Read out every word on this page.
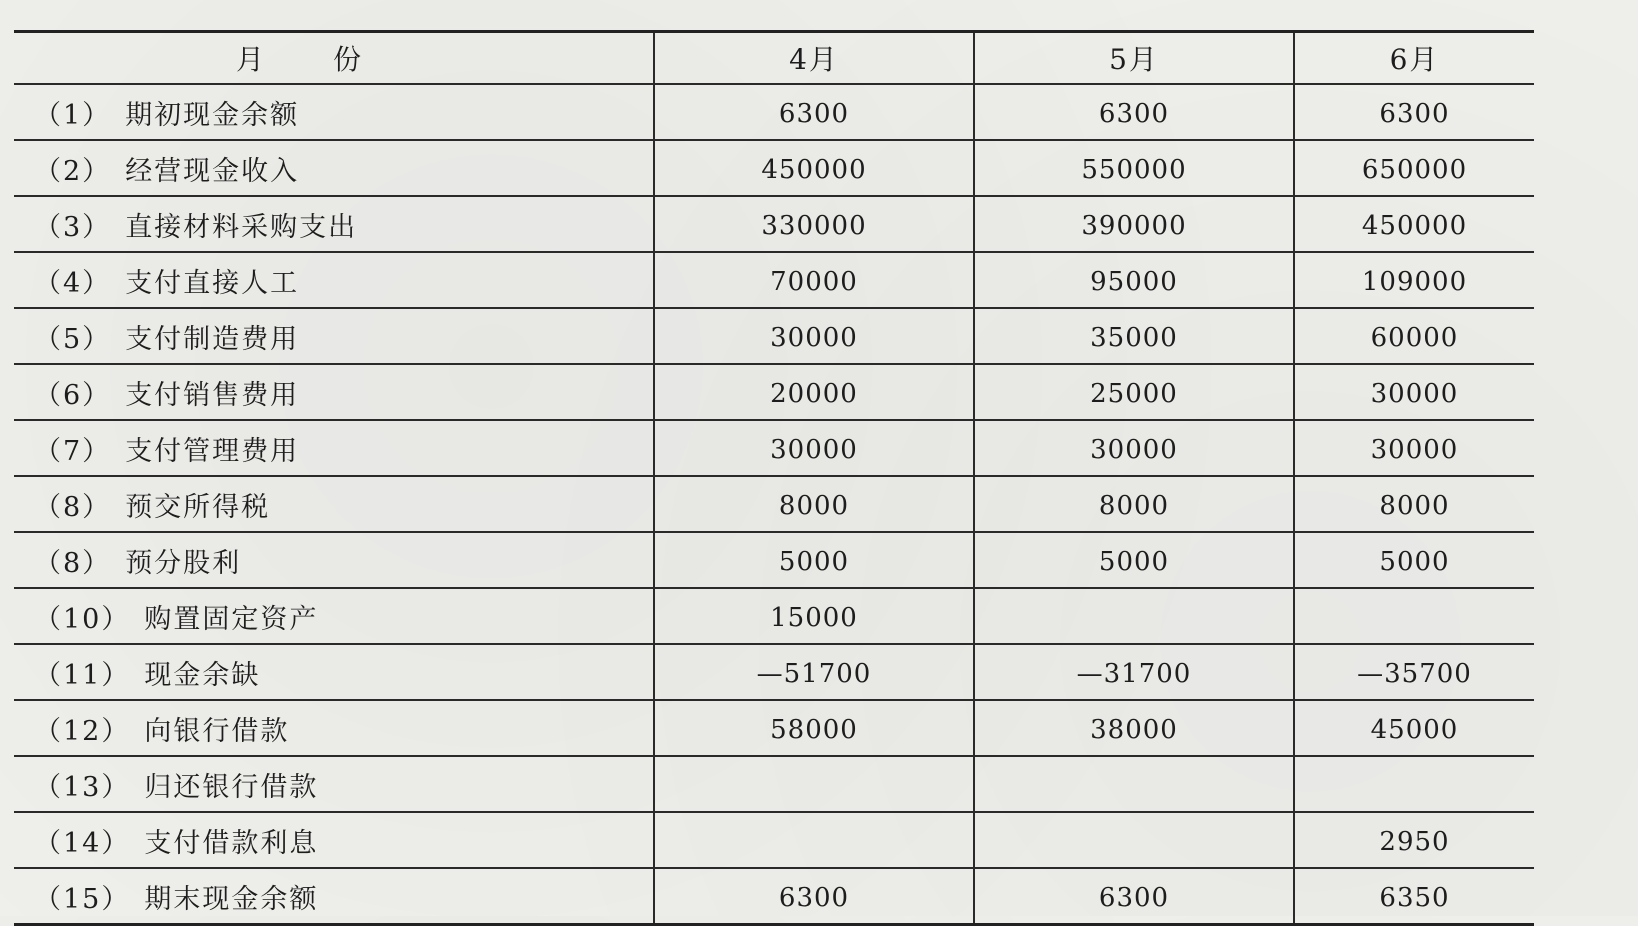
月 份	4月	5月	6月
（1） 期初现金余额	6300	6300	6300
（2） 经营现金收入	450000	550000	650000
（3） 直接材料采购支出	330000	390000	450000
（4） 支付直接人工	70000	95000	109000
（5） 支付制造费用	30000	35000	60000
（6） 支付销售费用	20000	25000	30000
（7） 支付管理费用	30000	30000	30000
（8） 预交所得税	8000	8000	8000
（8） 预分股利	5000	5000	5000
（10） 购置固定资产	15000		
（11） 现金余缺	—51700	—31700	—35700
（12） 向银行借款	58000	38000	45000
（13） 归还银行借款			
（14） 支付借款利息			2950
（15） 期末现金余额	6300	6300	6350
